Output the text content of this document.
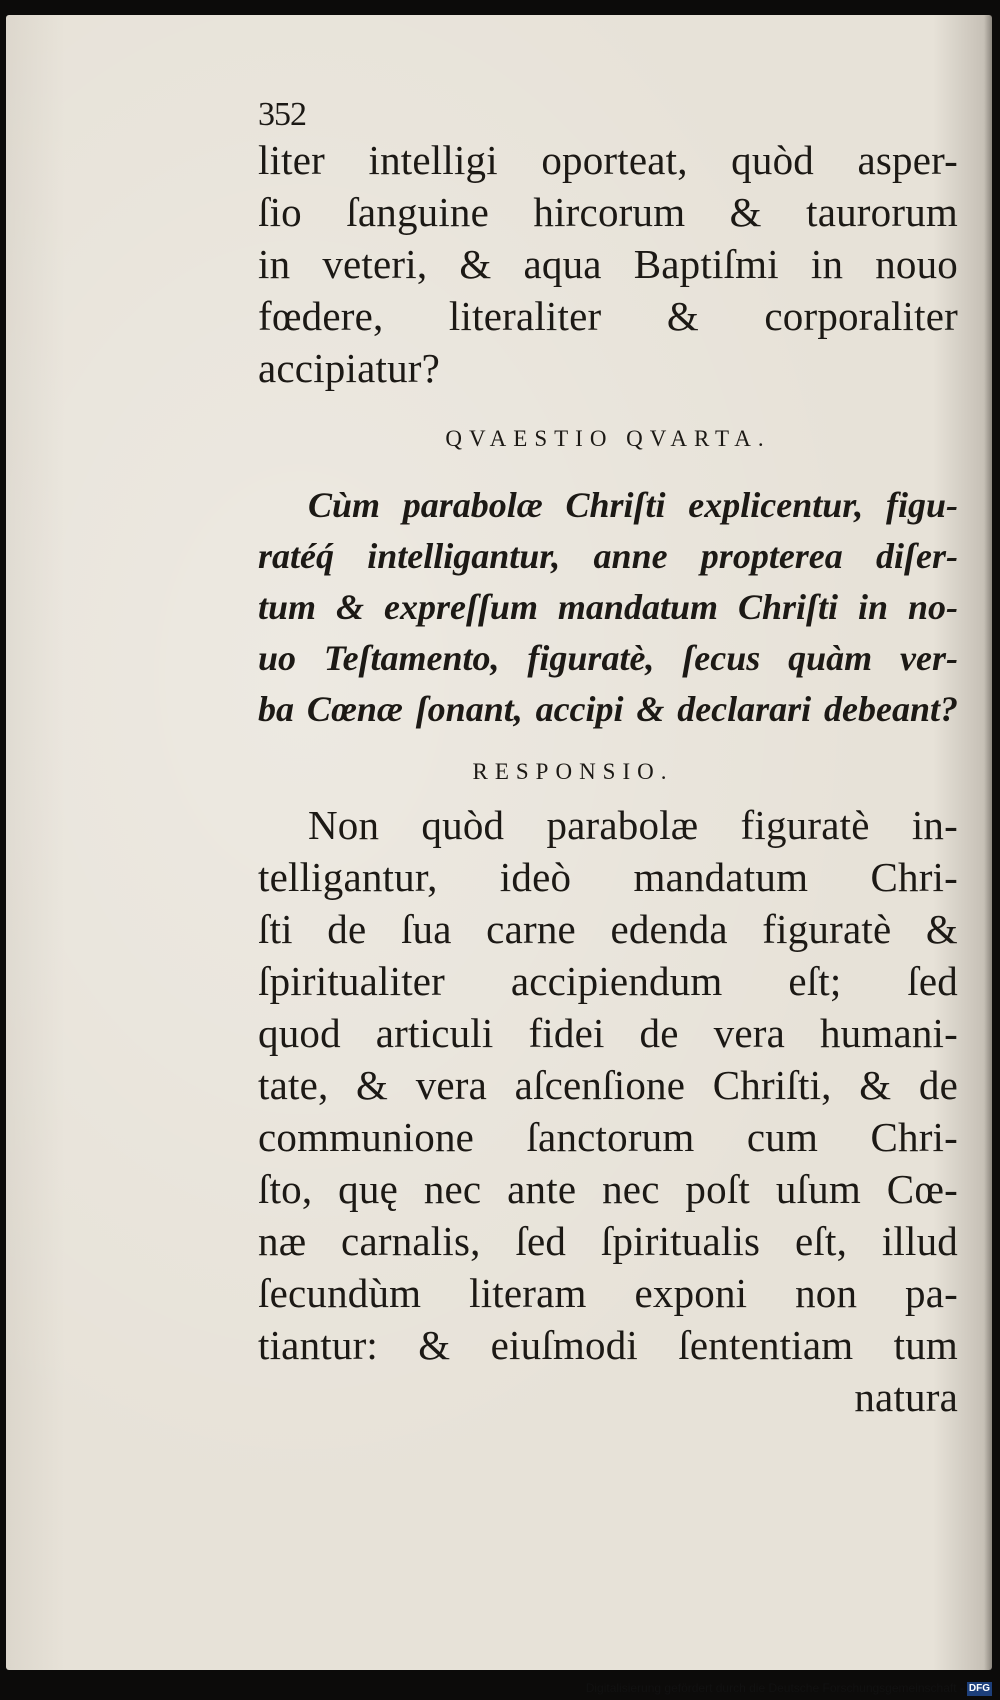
352
liter intelligi oporteat, quòd asper-
ſio ſanguine hircorum & taurorum
in veteri, & aqua Baptiſmi in nouo
fœdere, literaliter & corporaliter
accipiatur?
QVAESTIO QVARTA.
Cùm parabolæ Chriſti explicentur, figu-
ratéq́ intelligantur, anne propterea diſer-
tum & expreſſum mandatum Chriſti in no-
uo Teſtamento, figuratè, ſecus quàm ver-
ba Cœnæ ſonant, accipi & declarari debeant?
RESPONSIO.
Non quòd parabolæ figuratè in-
telligantur, ideò mandatum Chri-
ſti de ſua carne edenda figuratè &
ſpiritualiter accipiendum eſt; ſed
quod articuli fidei de vera humani-
tate, & vera aſcenſione Chriſti, & de
communione ſanctorum cum Chri-
ſto, quę nec ante nec poſt uſum Cœ-
næ carnalis, ſed ſpiritualis eſt, illud
ſecundùm literam exponi non pa-
tiantur: & eiuſmodi ſententiam tum
natura
Digitalisierung gefördert durch die Deutsche Forschungsgemeinschaft - DFG
